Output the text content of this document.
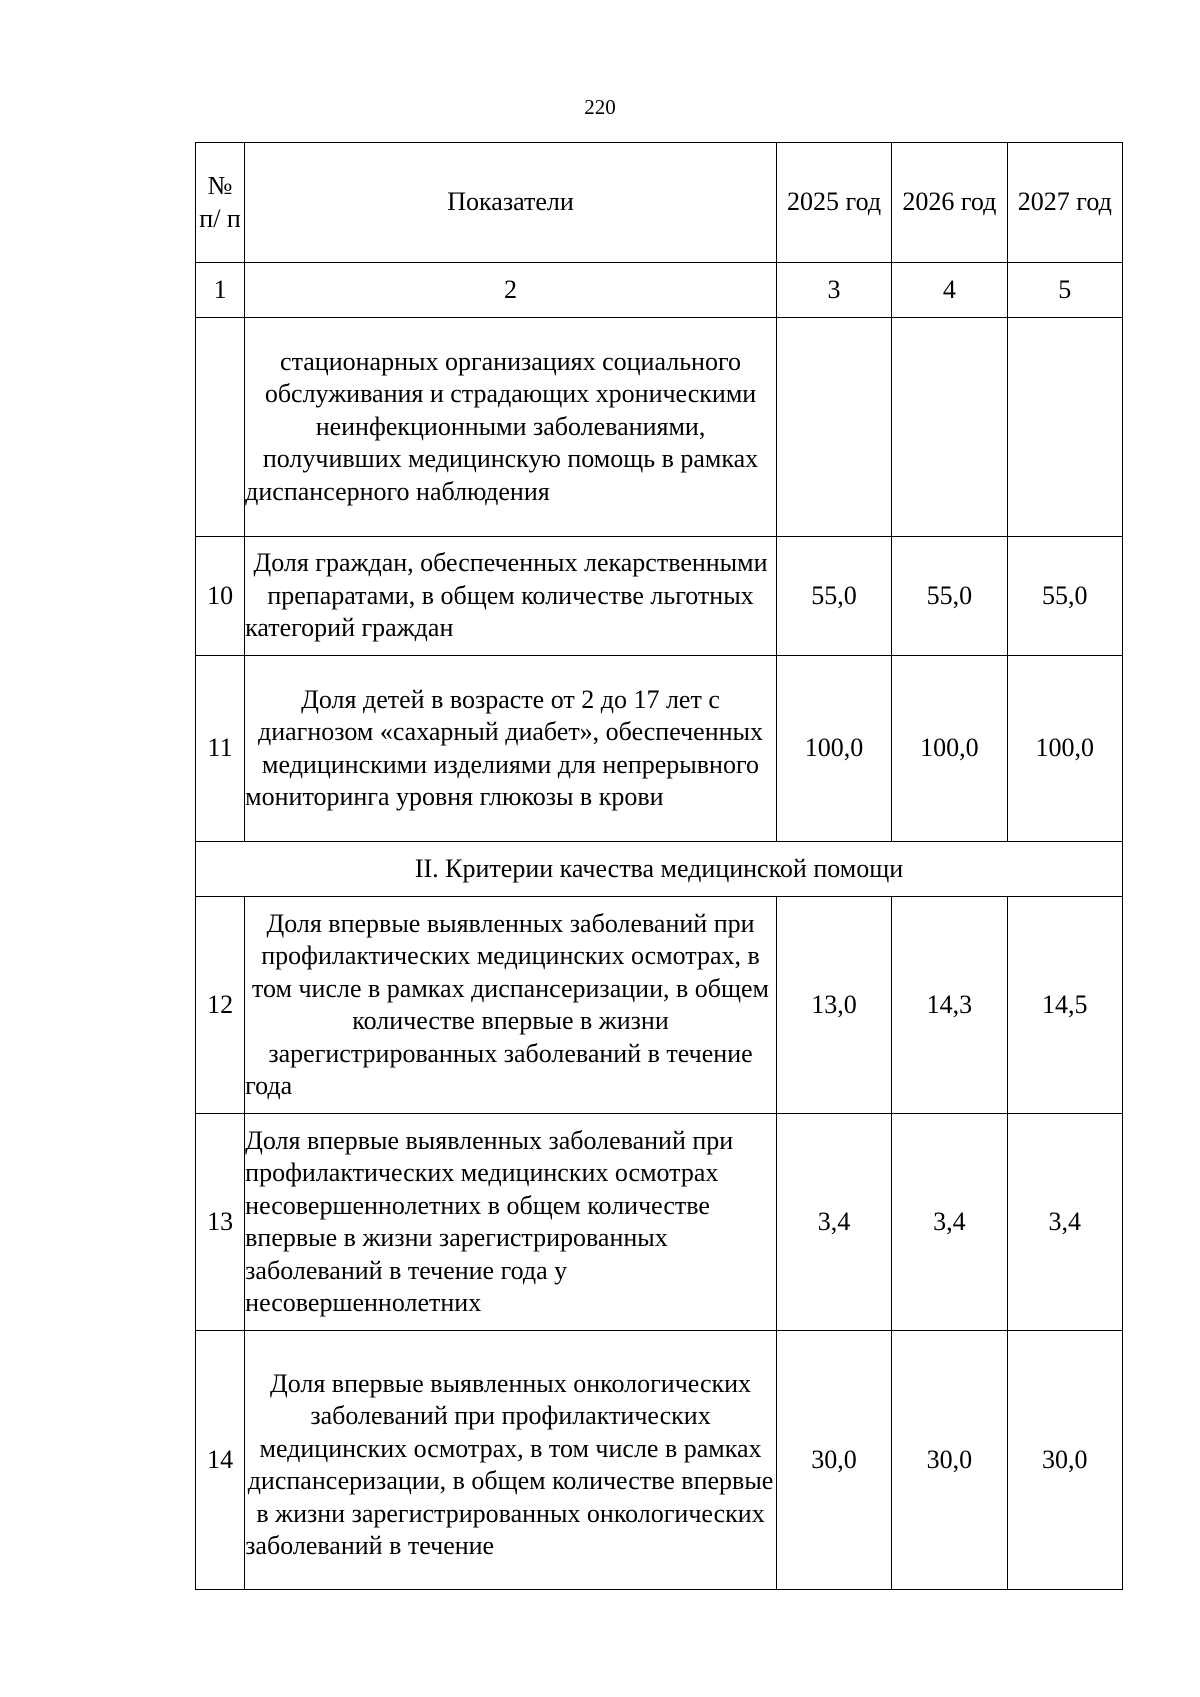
220
№ п/ п	Показатели	2025 год	2026 год	2027 год

1	2	3	4	5
	стационарных организациях социального обслуживания и страдающих хроническими неинфекционными заболеваниями, получивших медицинскую помощь в рамках диспансерного наблюдения			
10	Доля граждан, обеспеченных лекарственными препаратами, в общем количестве льготных категорий граждан	55,0	55,0	55,0
11	Доля детей в возрасте от 2 до 17 лет с диагнозом «сахарный диабет», обеспеченных медицинскими изделиями для непрерывного мониторинга уровня глюкозы в крови	100,0	100,0	100,0
II. Критерии качества медицинской помощи				
12	Доля впервые выявленных заболеваний при профилактических медицинских осмотрах, в том числе в рамках диспансеризации, в общем количестве впервые в жизни зарегистрированных заболеваний в течение года	13,0	14,3	14,5
13	Доля впервые выявленных заболеваний при профилактических медицинских осмотрах несовершеннолетних в общем количестве впервые в жизни зарегистрированных заболеваний в течение года у несовершеннолетних	3,4	3,4	3,4
14	Доля впервые выявленных онкологических заболеваний при профилактических медицинских осмотрах, в том числе в рамках диспансеризации, в общем количестве впервые в жизни зарегистрированных онкологических заболеваний в течение	30,0	30,0	30,0
